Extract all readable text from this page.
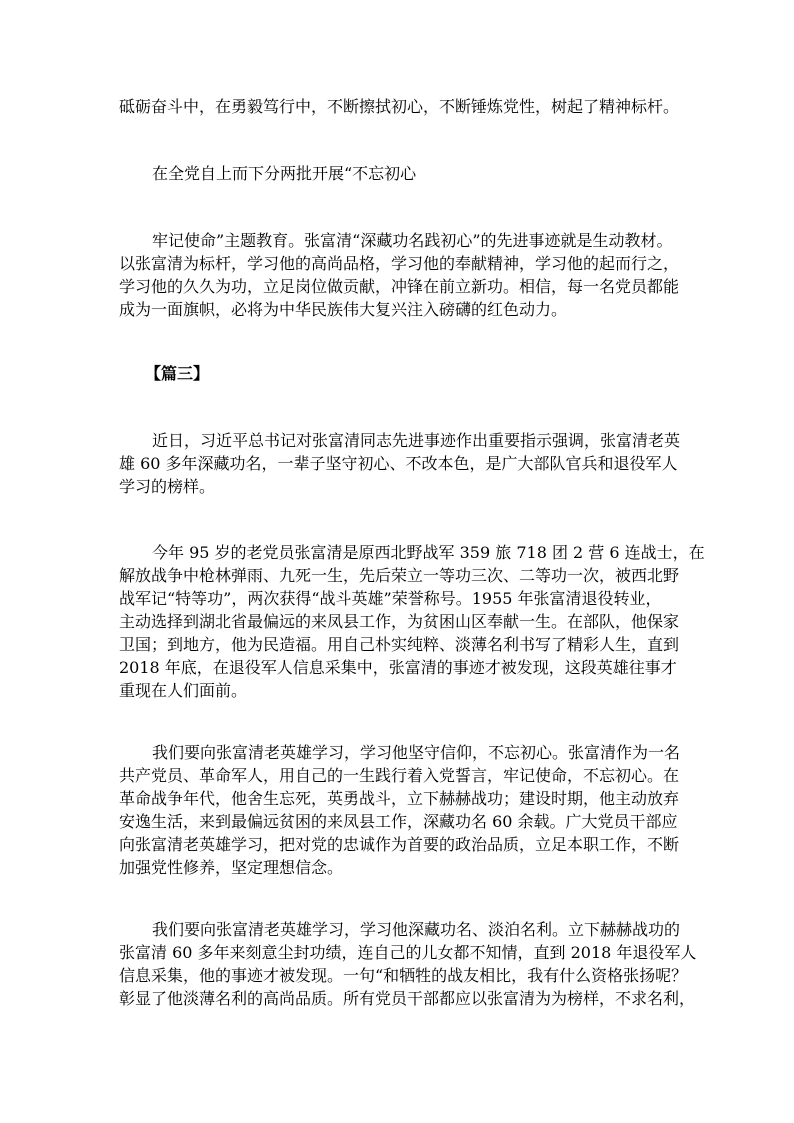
砥砺奋斗中，在勇毅笃行中，不断擦拭初心，不断锤炼党性，树起了精神标杆。
在全党自上而下分两批开展“不忘初心
牢记使命”主题教育。张富清“深藏功名践初心”的先进事迹就是生动教材。
以张富清为标杆，学习他的高尚品格，学习他的奉献精神，学习他的起而行之，
学习他的久久为功，立足岗位做贡献，冲锋在前立新功。相信，每一名党员都能
成为一面旗帜，必将为中华民族伟大复兴注入磅礴的红色动力。
【篇三】
近日，习近平总书记对张富清同志先进事迹作出重要指示强调，张富清老英
雄 60 多年深藏功名，一辈子坚守初心、不改本色，是广大部队官兵和退役军人
学习的榜样。
今年 95 岁的老党员张富清是原西北野战军 359 旅 718 团 2 营 6 连战士，在
解放战争中枪林弹雨、九死一生，先后荣立一等功三次、二等功一次，被西北野
战军记“特等功”，两次获得“战斗英雄”荣誉称号。1955 年张富清退役转业，
主动选择到湖北省最偏远的来凤县工作，为贫困山区奉献一生。在部队，他保家
卫国；到地方，他为民造福。用自己朴实纯粹、淡薄名利书写了精彩人生，直到
2018 年底，在退役军人信息采集中，张富清的事迹才被发现，这段英雄往事才
重现在人们面前。
我们要向张富清老英雄学习，学习他坚守信仰，不忘初心。张富清作为一名
共产党员、革命军人，用自己的一生践行着入党誓言，牢记使命，不忘初心。在
革命战争年代，他舍生忘死，英勇战斗，立下赫赫战功；建设时期，他主动放弃
安逸生活，来到最偏远贫困的来凤县工作，深藏功名 60 余载。广大党员干部应
向张富清老英雄学习，把对党的忠诚作为首要的政治品质，立足本职工作，不断
加强党性修养，坚定理想信念。
我们要向张富清老英雄学习，学习他深藏功名、淡泊名利。立下赫赫战功的
张富清 60 多年来刻意尘封功绩，连自己的儿女都不知情，直到 2018 年退役军人
信息采集，他的事迹才被发现。一句“和牺牲的战友相比，我有什么资格张扬呢？
彰显了他淡薄名利的高尚品质。所有党员干部都应以张富清为为榜样，不求名利，
